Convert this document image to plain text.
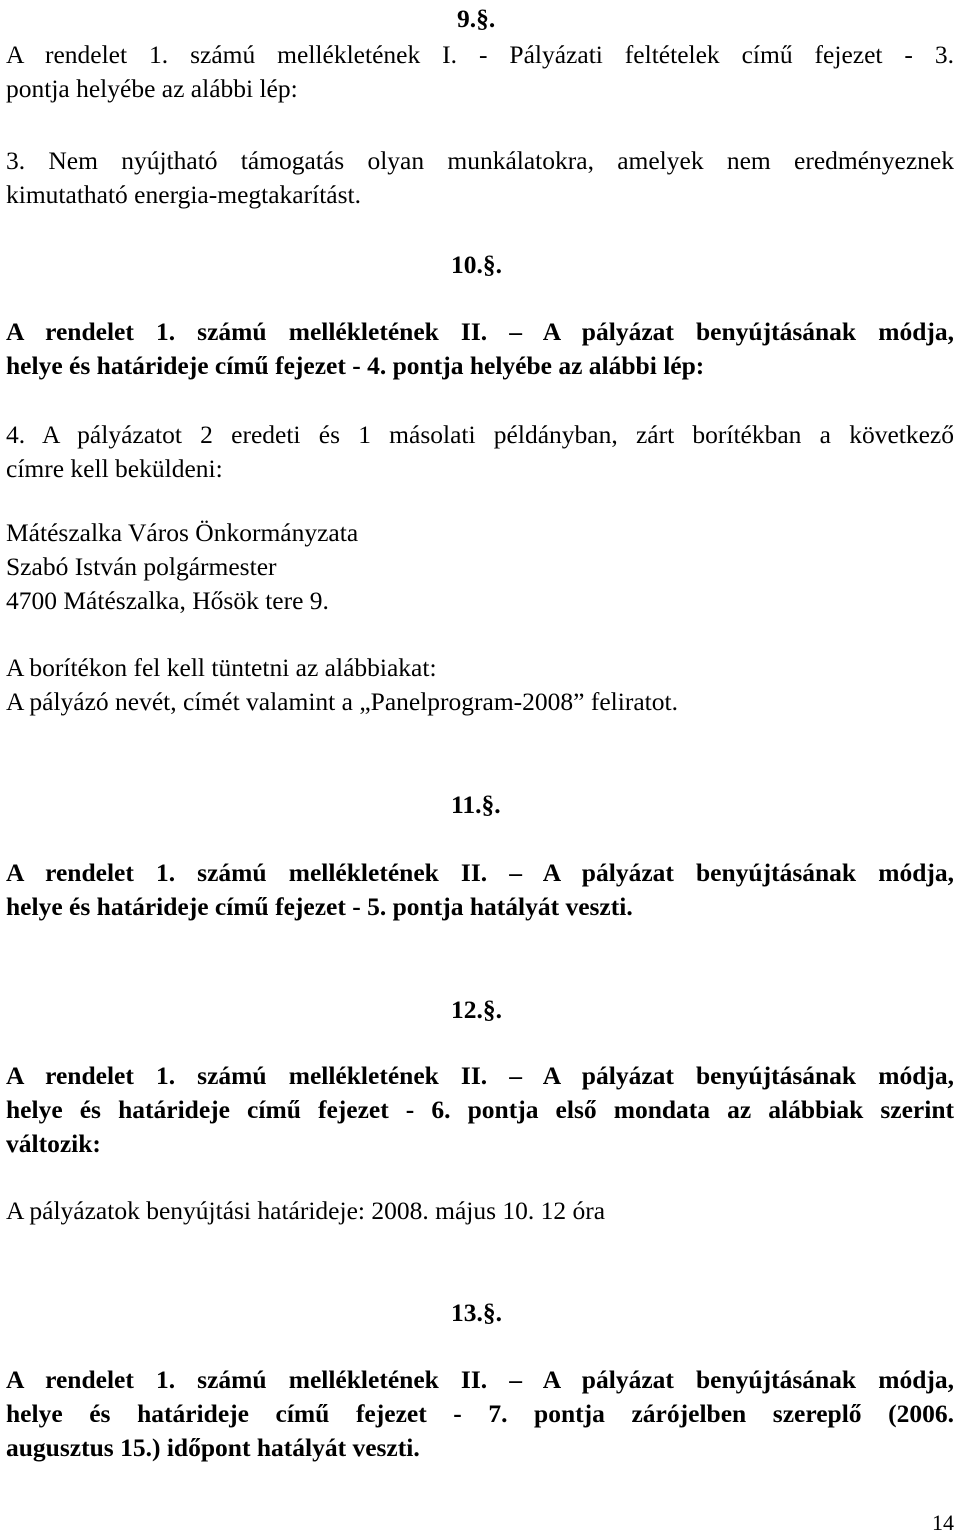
9.§.
A rendelet 1. számú mellékletének I. - Pályázati feltételek című fejezet - 3.
pontja helyébe az alábbi lép:
3. Nem nyújtható támogatás olyan munkálatokra, amelyek nem eredményeznek
kimutatható energia-megtakarítást.
10.§.
A rendelet 1. számú mellékletének II. – A pályázat benyújtásának módja,
helye és határideje című fejezet - 4. pontja helyébe az alábbi lép:
4. A pályázatot 2 eredeti és 1 másolati példányban, zárt borítékban a következő
címre kell beküldeni:
Mátészalka Város Önkormányzata
Szabó István polgármester
4700 Mátészalka, Hősök tere 9.
A borítékon fel kell tüntetni az alábbiakat:
A pályázó nevét, címét valamint a „Panelprogram-2008” feliratot.
11.§.
A rendelet 1. számú mellékletének II. – A pályázat benyújtásának módja,
helye és határideje című fejezet - 5. pontja hatályát veszti.
12.§.
A rendelet 1. számú mellékletének II. – A pályázat benyújtásának módja,
helye és határideje című fejezet - 6. pontja első mondata az alábbiak szerint
változik:
A pályázatok benyújtási határideje: 2008. május 10. 12 óra
13.§.
A rendelet 1. számú mellékletének II. – A pályázat benyújtásának módja,
helye és határideje című fejezet - 7. pontja zárójelben szereplő (2006.
augusztus 15.) időpont hatályát veszti.
14
